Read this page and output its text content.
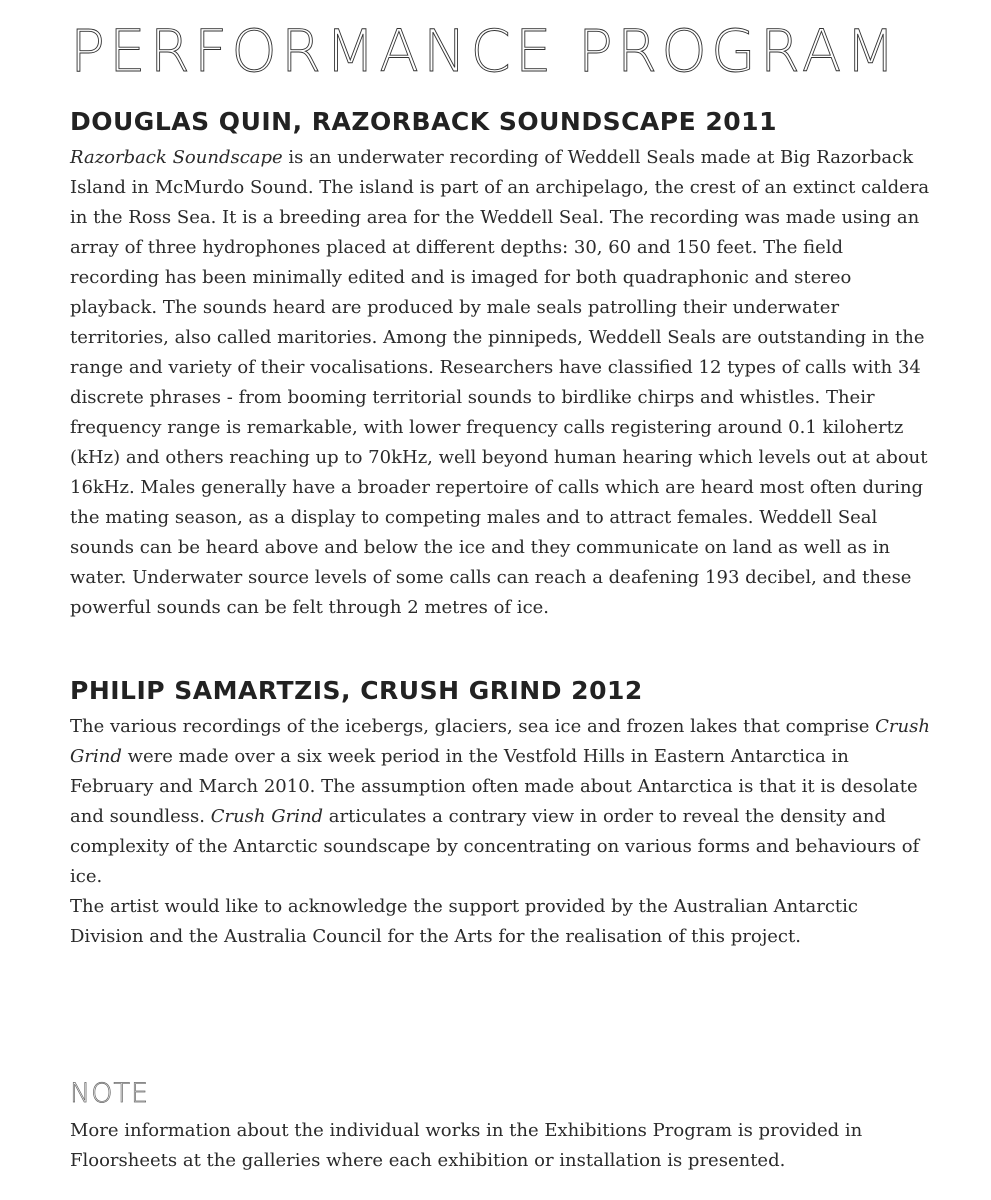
PERFORMANCE PROGRAM
DOUGLAS QUIN, RAZORBACK SOUNDSCAPE 2011

Razorback Soundscape is an underwater recording of Weddell Seals made at Big Razorback Island in McMurdo Sound. The island is part of an archipelago, the crest of an extinct caldera in the Ross Sea. It is a breeding area for the Weddell Seal. The recording was made using an array of three hydrophones placed at different depths: 30, 60 and 150 feet. The field recording has been minimally edited and is imaged for both quadraphonic and stereo playback. The sounds heard are produced by male seals patrolling their underwater territories, also called maritories. Among the pinnipeds, Weddell Seals are outstanding in the range and variety of their vocalisations. Researchers have classified 12 types of calls with 34 discrete phrases - from booming territorial sounds to birdlike chirps and whistles. Their frequency range is remarkable, with lower frequency calls registering around 0.1 kilohertz (kHz) and others reaching up to 70kHz, well beyond human hearing which levels out at about 16kHz. Males generally have a broader repertoire of calls which are heard most often during the mating season, as a display to competing males and to attract females. Weddell Seal sounds can be heard above and below the ice and they communicate on land as well as in water. Underwater source levels of some calls can reach a deafening 193 decibel, and these powerful sounds can be felt through 2 metres of ice.

PHILIP SAMARTZIS, CRUSH GRIND 2012

The various recordings of the icebergs, glaciers, sea ice and frozen lakes that comprise Crush Grind were made over a six week period in the Vestfold Hills in Eastern Antarctica in February and March 2010. The assumption often made about Antarctica is that it is desolate and soundless. Crush Grind articulates a contrary view in order to reveal the density and complexity of the Antarctic soundscape by concentrating on various forms and behaviours of ice.

The artist would like to acknowledge the support provided by the Australian Antarctic Division and the Australia Council for the Arts for the realisation of this project.

NOTE

More information about the individual works in the Exhibitions Program is provided in Floorsheets at the galleries where each exhibition or installation is presented.
